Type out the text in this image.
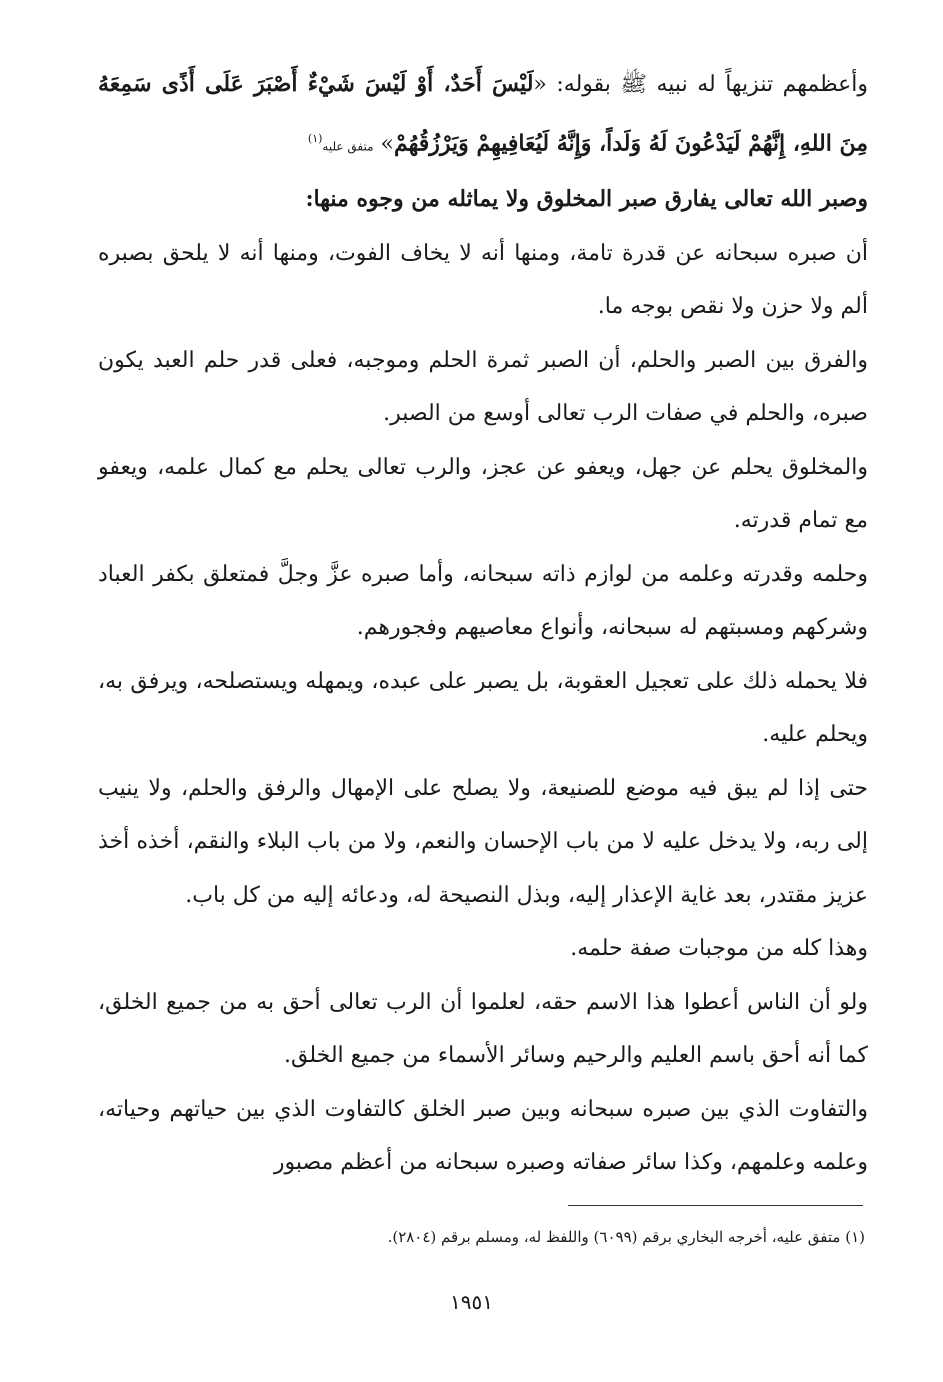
وأعظمهم تنزيهاً له نبيه ﷺ بقوله: «لَيْسَ أَحَدٌ، أَوْ لَيْسَ شَيْءٌ أَصْبَرَ عَلَى أَذًى سَمِعَهُ مِنَ اللهِ، إِنَّهُمْ لَيَدْعُونَ لَهُ وَلَداً، وَإِنَّهُ لَيُعَافِيهِمْ وَيَرْزُقُهُمْ» متفق عليه$^{(١)}$

وصبر الله تعالى يفارق صبر المخلوق ولا يماثله من وجوه منها:

أن صبره سبحانه عن قدرة تامة، ومنها أنه لا يخاف الفوت، ومنها أنه لا يلحق بصبره ألم ولا حزن ولا نقص بوجه ما.

والفرق بين الصبر والحلم، أن الصبر ثمرة الحلم وموجبه، فعلى قدر حلم العبد يكون صبره، والحلم في صفات الرب تعالى أوسع من الصبر.

والمخلوق يحلم عن جهل، ويعفو عن عجز، والرب تعالى يحلم مع كمال علمه، ويعفو مع تمام قدرته.

وحلمه وقدرته وعلمه من لوازم ذاته سبحانه، وأما صبره عزَّ وجلَّ فمتعلق بكفر العباد وشركهم ومسبتهم له سبحانه، وأنواع معاصيهم وفجورهم.

فلا يحمله ذلك على تعجيل العقوبة، بل يصبر على عبده، ويمهله ويستصلحه، ويرفق به، ويحلم عليه.

حتى إذا لم يبق فيه موضع للصنيعة، ولا يصلح على الإمهال والرفق والحلم، ولا ينيب إلى ربه، ولا يدخل عليه لا من باب الإحسان والنعم، ولا من باب البلاء والنقم، أخذه أخذ عزيز مقتدر، بعد غاية الإعذار إليه، وبذل النصيحة له، ودعائه إليه من كل باب.

وهذا كله من موجبات صفة حلمه.

ولو أن الناس أعطوا هذا الاسم حقه، لعلموا أن الرب تعالى أحق به من جميع الخلق، كما أنه أحق باسم العليم والرحيم وسائر الأسماء من جميع الخلق.

والتفاوت الذي بين صبره سبحانه وبين صبر الخلق كالتفاوت الذي بين حياتهم وحياته، وعلمه وعلمهم، وكذا سائر صفاته وصبره سبحانه من أعظم مصبور

(١) متفق عليه، أخرجه البخاري برقم (٦٠٩٩) واللفظ له، ومسلم برقم (٢٨٠٤).
١٩٥١
